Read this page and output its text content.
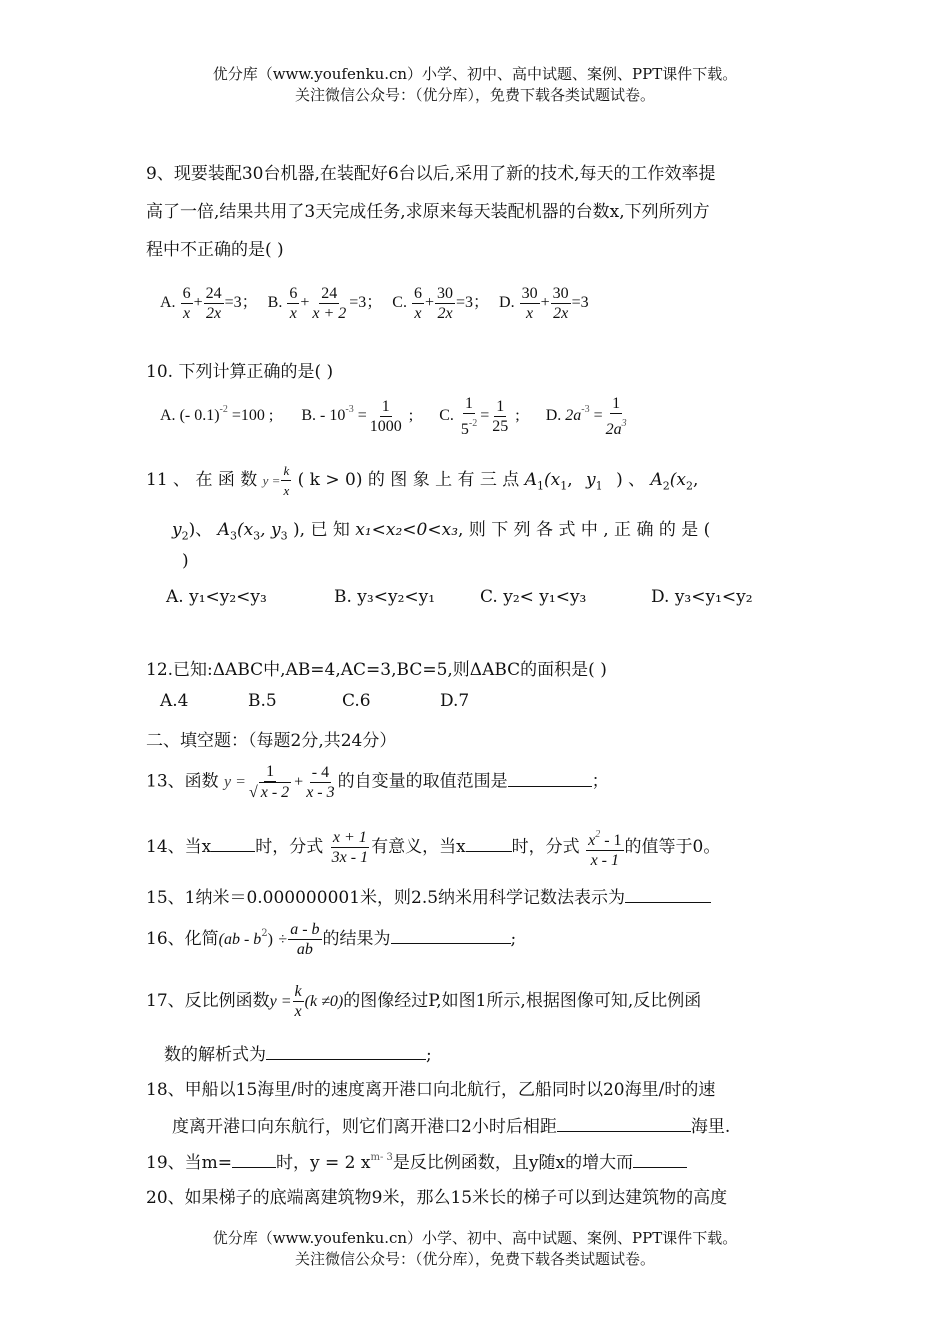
优分库（www.youfenku.cn）小学、初中、高中试题、案例、PPT课件下载。
关注微信公众号：（优分库），免费下载各类试题试卷。
9、现要装配30台机器,在装配好6台以后,采用了新的技术,每天的工作效率提
高了一倍,结果共用了3天完成任务,求原来每天装配机器的台数x,下列所列方
程中不正确的是( )
A. $\frac{6}{x} + \frac{24}{2x} =3$； B. $\frac{6}{x} + \frac{24}{x + 2} =3$； C. $\frac{6}{x} + \frac{30}{2x} =3$； D. $\frac{30}{x} + \frac{30}{2x} =3$
10. 下列计算正确的是( )
A. (- 0.1)$^{-2}$ =100 ; B. - $10^{-3} = \frac{1}{1000}$ ; C. $\frac{1}{5^{-2}} = \frac{1}{25}$ ; D. $2a^{-3} = \frac{1}{2a^3}$
11 、 在 函 数 $y = \frac{k}{x}$ ( k > 0) 的 图 象 上 有 三 点 $A_1(x_1$, $y_1$ ) 、 $A_2(x_2$,
$y_2$)、 $A_3(x_3$, $y_3$ ), 已 知 x₁<x₂<0<x₃, 则 下 列 各 式 中 , 正 确 的 是 (
)
A. y₁<y₂<y₃	B. y₃<y₂<y₁	C. y₂< y₁<y₃	D. y₃<y₁<y₂
12.已知:ΔABC中,AB=4,AC=3,BC=5,则ΔABC的面积是( )
A.4	B.5	C.6	D.7
二、填空题：（每题2分,共24分）
13、函数 $y = \frac{1}{√ x - 2} + \frac{- 4}{x - 3}$ 的自变量的取值范围是	；
14、当x	时，分式 $\frac{x + 1}{3x - 1}$ 有意义，当x	时，分式 $\frac{x^2 - 1}{x - 1}$ 的值等于0。
15、1纳米＝0.000000001米，则2.5纳米用科学记数法表示为
16、化简$(ab - b^2) \div \frac{a - b}{ab}$ 的结果为	;
17、反比例函数$y = \frac{k}{x} (k \ne 0)$的图像经过P,如图1所示,根据图像可知,反比例函
数的解析式为	;
18、甲船以15海里/时的速度离开港口向北航行，乙船同时以20海里/时的速
度离开港口向东航行，则它们离开港口2小时后相距	海里.
19、当m=	时，y = 2 $x^{m- 3}$是反比例函数，且y随x的增大而
20、如果梯子的底端离建筑物9米，那么15米长的梯子可以到达建筑物的高度
优分库（www.youfenku.cn）小学、初中、高中试题、案例、PPT课件下载。
关注微信公众号：（优分库），免费下载各类试题试卷。
